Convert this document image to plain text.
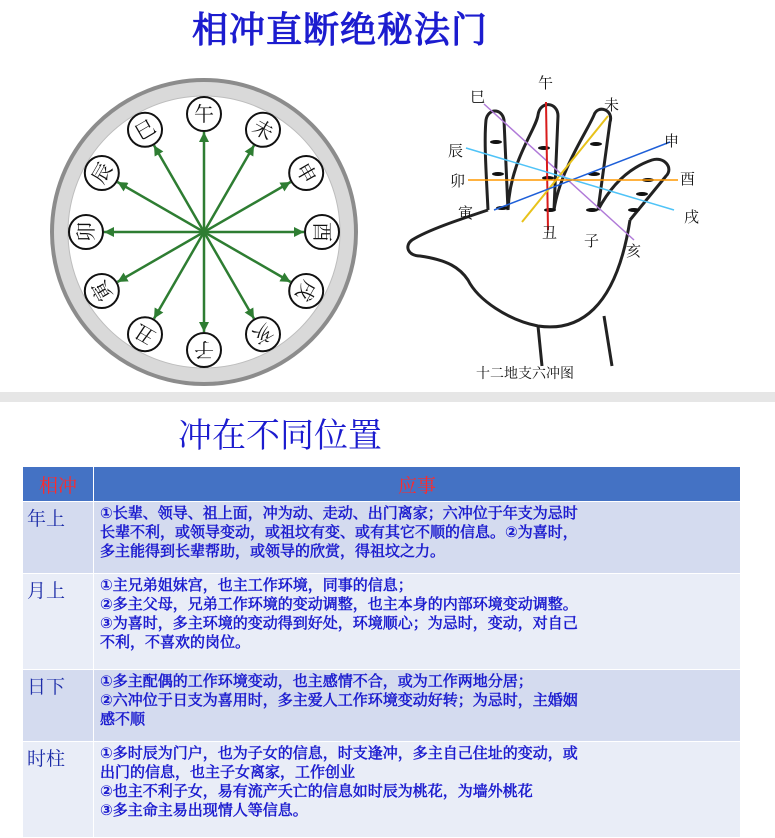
相冲直断绝秘法门
午
未
申
酉
戌
亥
子
丑
寅
卯
辰
巳
巳
午
未
申
辰
酉
卯
寅	戌
丑 子
亥
十二地支六冲图
冲在不同位置
相冲	应事
年上	①长辈、领导、祖上面，冲为动、走动、出门离家；六冲位于年支为忌时
长辈不利，或领导变动，或祖坟有变、或有其它不顺的信息。②为喜时，
多主能得到长辈帮助，或领导的欣赏，得祖坟之力。

月上	①主兄弟姐妹宫，也主工作环境，同事的信息；
②多主父母，兄弟工作环境的变动调整，也主本身的内部环境变动调整。
③为喜时，多主环境的变动得到好处，环境顺心；为忌时，变动，对自己
不利，不喜欢的岗位。

日下	①多主配偶的工作环境变动，也主感情不合，或为工作两地分居；
②六冲位于日支为喜用时，多主爱人工作环境变动好转；为忌时，主婚姻
感不顺

时柱	①多时辰为门户，也为子女的信息，时支逢冲，多主自己住址的变动，或
出门的信息，也主子女离家，工作创业
②也主不利子女，易有流产夭亡的信息如时辰为桃花，为墙外桃花
③多主命主易出现情人等信息。
